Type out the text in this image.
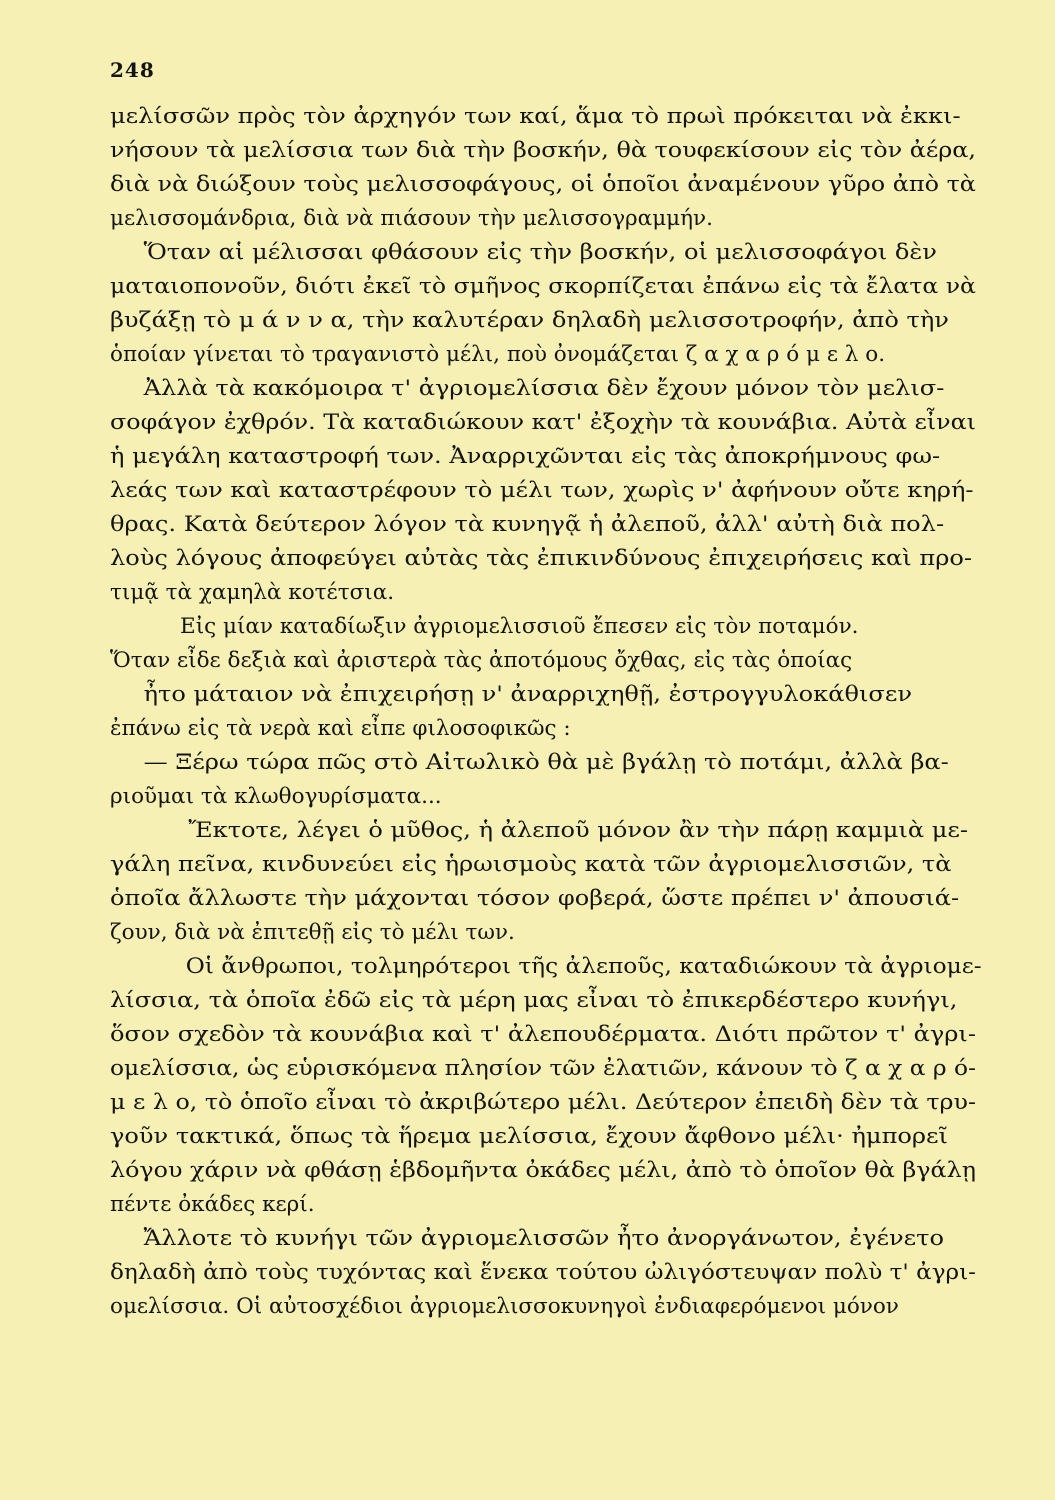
248
μελίσσῶν πρὸς τὸν ἀρχηγόν των καί, ἅμα τὸ πρωὶ πρόκειται νὰ ἐκκι-
νήσουν τὰ μελίσσια των διὰ τὴν βοσκήν, θὰ τουφεκίσουν εἰς τὸν ἀέρα,
διὰ νὰ διώξουν τοὺς μελισσοφάγους, οἱ ὁποῖοι ἀναμένουν γῦρο ἀπὸ τὰ
μελισσομάνδρια, διὰ νὰ πιάσουν τὴν μελισσογραμμήν.
Ὅταν αἱ μέλισσαι φθάσουν εἰς τὴν βοσκήν, οἱ μελισσοφάγοι δὲν
ματαιοπονοῦν, διότι ἐκεῖ τὸ σμῆνος σκορπίζεται ἐπάνω εἰς τὰ ἔλατα νὰ
βυζάξῃ τὸ μ ά ν ν α, τὴν καλυτέραν δηλαδὴ μελισσοτροφήν, ἀπὸ τὴν
ὁποίαν γίνεται τὸ τραγανιστὸ μέλι, ποὺ ὀνομάζεται ζ α χ α ρ ό μ ε λ ο.
Ἀλλὰ τὰ κακόμοιρα τ' ἀγριομελίσσια δὲν ἔχουν μόνον τὸν μελισ-
σοφάγον ἐχθρόν. Τὰ καταδιώκουν κατ' ἐξοχὴν τὰ κουνάβια. Αὐτὰ εἶναι
ἡ μεγάλη καταστροφή των. Ἀναρριχῶνται εἰς τὰς ἀποκρήμνους φω-
λεάς των καὶ καταστρέφουν τὸ μέλι των, χωρὶς ν' ἀφήνουν οὔτε κηρή-
θρας. Κατὰ δεύτερον λόγον τὰ κυνηγᾷ ἡ ἀλεποῦ, ἀλλ' αὐτὴ διὰ πολ-
λοὺς λόγους ἀποφεύγει αὐτὰς τὰς ἐπικινδύνους ἐπιχειρήσεις καὶ προ-
τιμᾷ τὰ χαμηλὰ κοτέτσια.
Εἰς μίαν καταδίωξιν ἀγριομελισσιοῦ ἔπεσεν εἰς τὸν ποταμόν.
Ὅταν εἶδε δεξιὰ καὶ ἀριστερὰ τὰς ἀποτόμους ὄχθας, εἰς τὰς ὁποίας
ἦτο μάταιον νὰ ἐπιχειρήσῃ ν' ἀναρριχηθῇ, ἐστρογγυλοκάθισεν
ἐπάνω εἰς τὰ νερὰ καὶ εἶπε φιλοσοφικῶς :
— Ξέρω τώρα πῶς στὸ Αἰτωλικὸ θὰ μὲ βγάλῃ τὸ ποτάμι, ἀλλὰ βα-
ριοῦμαι τὰ κλωθογυρίσματα...
Ἔκτοτε, λέγει ὁ μῦθος, ἡ ἀλεποῦ μόνον ἂν τὴν πάρῃ καμμιὰ με-
γάλη πεῖνα, κινδυνεύει εἰς ἡρωισμοὺς κατὰ τῶν ἀγριομελισσιῶν, τὰ
ὁποῖα ἄλλωστε τὴν μάχονται τόσον φοβερά, ὥστε πρέπει ν' ἀπουσιά-
ζουν, διὰ νὰ ἐπιτεθῇ εἰς τὸ μέλι των.
Οἱ ἄνθρωποι, τολμηρότεροι τῆς ἀλεποῦς, καταδιώκουν τὰ ἀγριομε-
λίσσια, τὰ ὁποῖα ἐδῶ εἰς τὰ μέρη μας εἶναι τὸ ἐπικερδέστερο κυνήγι,
ὅσον σχεδὸν τὰ κουνάβια καὶ τ' ἀλεπουδέρματα. Διότι πρῶτον τ' ἀγρι-
ομελίσσια, ὡς εὑρισκόμενα πλησίον τῶν ἐλατιῶν, κάνουν τὸ ζ α χ α ρ ό-
μ ε λ ο, τὸ ὁποῖο εἶναι τὸ ἀκριβώτερο μέλι. Δεύτερον ἐπειδὴ δὲν τὰ τρυ-
γοῦν τακτικά, ὅπως τὰ ἥρεμα μελίσσια, ἔχουν ἄφθονο μέλι· ἠμπορεῖ
λόγου χάριν νὰ φθάσῃ ἑβδομῆντα ὀκάδες μέλι, ἀπὸ τὸ ὁποῖον θὰ βγάλῃ
πέντε ὀκάδες κερί.
Ἄλλοτε τὸ κυνήγι τῶν ἀγριομελισσῶν ἦτο ἀνοργάνωτον, ἐγένετο
δηλαδὴ ἀπὸ τοὺς τυχόντας καὶ ἕνεκα τούτου ὠλιγόστευψαν πολὺ τ' ἀγρι-
ομελίσσια. Οἱ αὐτοσχέδιοι ἀγριομελισσοκυνηγοὶ ἐνδιαφερόμενοι μόνον
